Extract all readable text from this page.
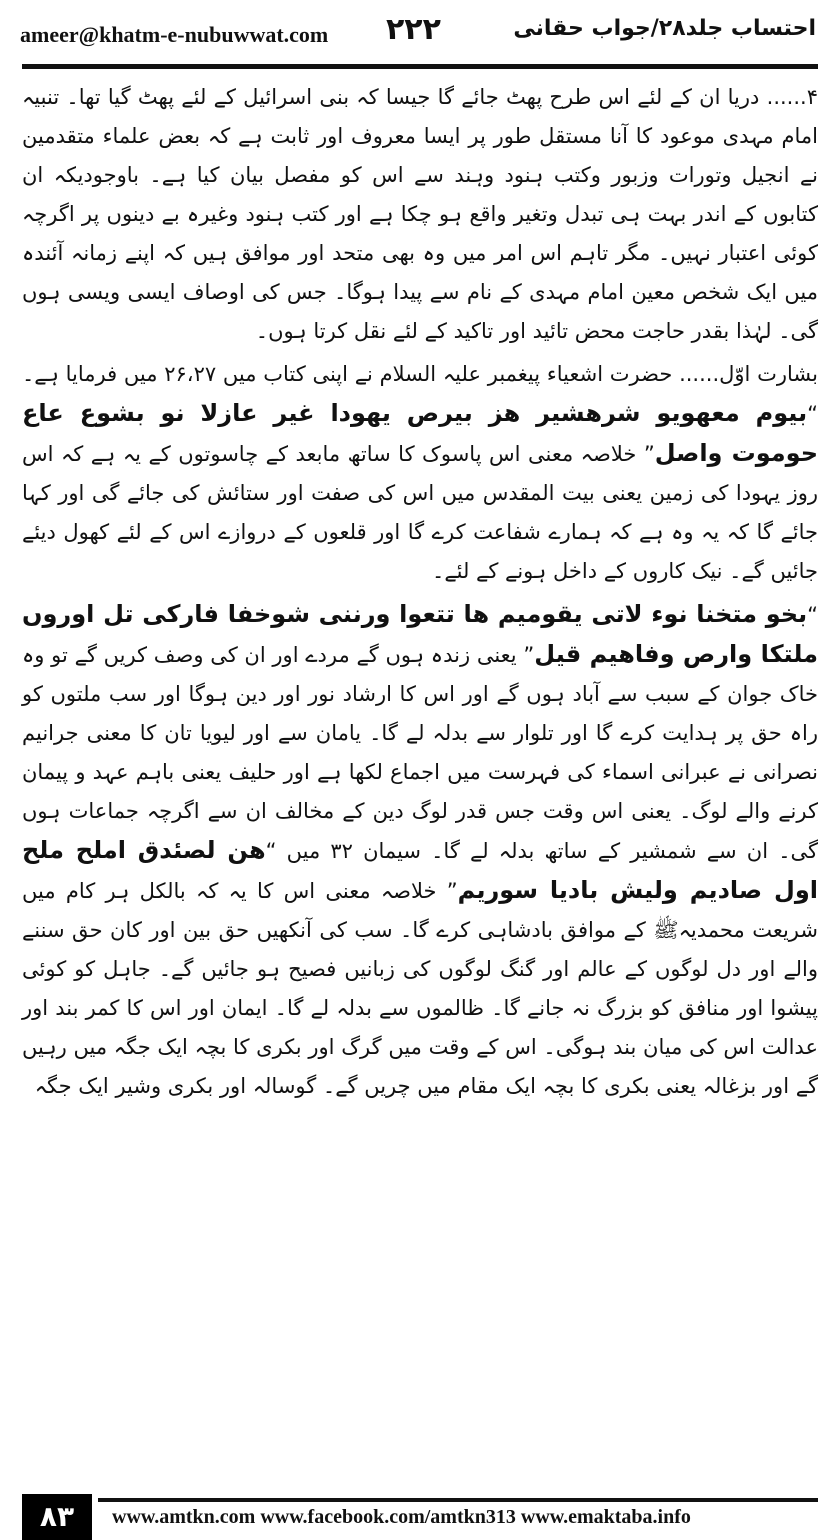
ameer@khatm-e-nubuwwat.com ۲۲۲	احتساب جلد۲۸/جواب حقانی

۴...... دریا ان کے لئے اس طرح پھٹ جائے گا جیسا کہ بنی اسرائیل کے لئے پھٹ گیا تھا۔ تنبیہ امام مہدی موعود کا آنا مستقل طور پر ایسا معروف اور ثابت ہے کہ بعض علماء متقدمین نے انجیل وتورات وزبور وکتب ہنود وہند سے اس کو مفصل بیان کیا ہے۔ باوجودیکہ ان کتابوں کے اندر بہت ہی تبدل وتغیر واقع ہو چکا ہے اور کتب ہنود وغیرہ بے دینوں پر اگرچہ کوئی اعتبار نہیں۔ مگر تاہم اس امر میں وہ بھی متحد اور موافق ہیں کہ اپنے زمانہ آئندہ میں ایک شخص معین امام مہدی کے نام سے پیدا ہوگا۔ جس کی اوصاف ایسی ویسی ہوں گی۔ لہٰذا بقدر حاجت محض تائید اور تاکید کے لئے نقل کرتا ہوں۔

بشارت اوّل...... حضرت اشعیاء پیغمبر علیہ السلام نے اپنی کتاب میں ۲۶،۲۷ میں فرمایا ہے۔ “بیوم معھویو شرھشیر ھز بیرص یھودا غیر عازلا نو بشوع عاع حوموت واصل” خلاصہ معنی اس پاسوک کا ساتھ مابعد کے چاسوتوں کے یہ ہے کہ اس روز یہودا کی زمین یعنی بیت المقدس میں اس کی صفت اور ستائش کی جائے گی اور کہا جائے گا کہ یہ وہ ہے کہ ہمارے شفاعت کرے گا اور قلعوں کے دروازے اس کے لئے کھول دیئے جائیں گے۔ نیک کاروں کے داخل ہونے کے لئے۔

“بخو متخنا نوء لاتی یقومیم ھا تتعوا ورننی شوخفا فارکی تل اوروں ملتکا وارص وفاھیم قیل” یعنی زندہ ہوں گے مردے اور ان کی وصف کریں گے تو وہ خاک جوان کے سبب سے آباد ہوں گے اور اس کا ارشاد نور اور دین ہوگا اور سب ملتوں کو راہ حق پر ہدایت کرے گا اور تلوار سے بدلہ لے گا۔ یامان سے اور لیویا تان کا معنی جرانیم نصرانی نے عبرانی اسماء کی فہرست میں اجماع لکھا ہے اور حلیف یعنی باہم عہد و پیمان کرنے والے لوگ۔ یعنی اس وقت جس قدر لوگ دین کے مخالف ان سے اگرچہ جماعات ہوں گی۔ ان سے شمشیر کے ساتھ بدلہ لے گا۔ سیمان ۳۲ میں “ھن لصئدق املح ملح اول صادیم ولیش بادیا سوریم” خلاصہ معنی اس کا یہ کہ بالکل ہر کام میں شریعت محمدیہﷺ کے موافق بادشاہی کرے گا۔ سب کی آنکھیں حق بین اور کان حق سننے والے اور دل لوگوں کے عالم اور گنگ لوگوں کی زبانیں فصیح ہو جائیں گے۔ جاہل کو کوئی پیشوا اور منافق کو بزرگ نہ جانے گا۔ ظالموں سے بدلہ لے گا۔ ایمان اور اس کا کمر بند اور عدالت اس کی میان بند ہوگی۔ اس کے وقت میں گرگ اور بکری کا بچہ ایک جگہ میں رہیں گے اور بزغالہ یعنی بکری کا بچہ ایک مقام میں چریں گے۔ گوسالہ اور بکری وشیر ایک جگہ

۸۳	www.amtkn.com www.facebook.com/amtkn313 www.emaktaba.info
